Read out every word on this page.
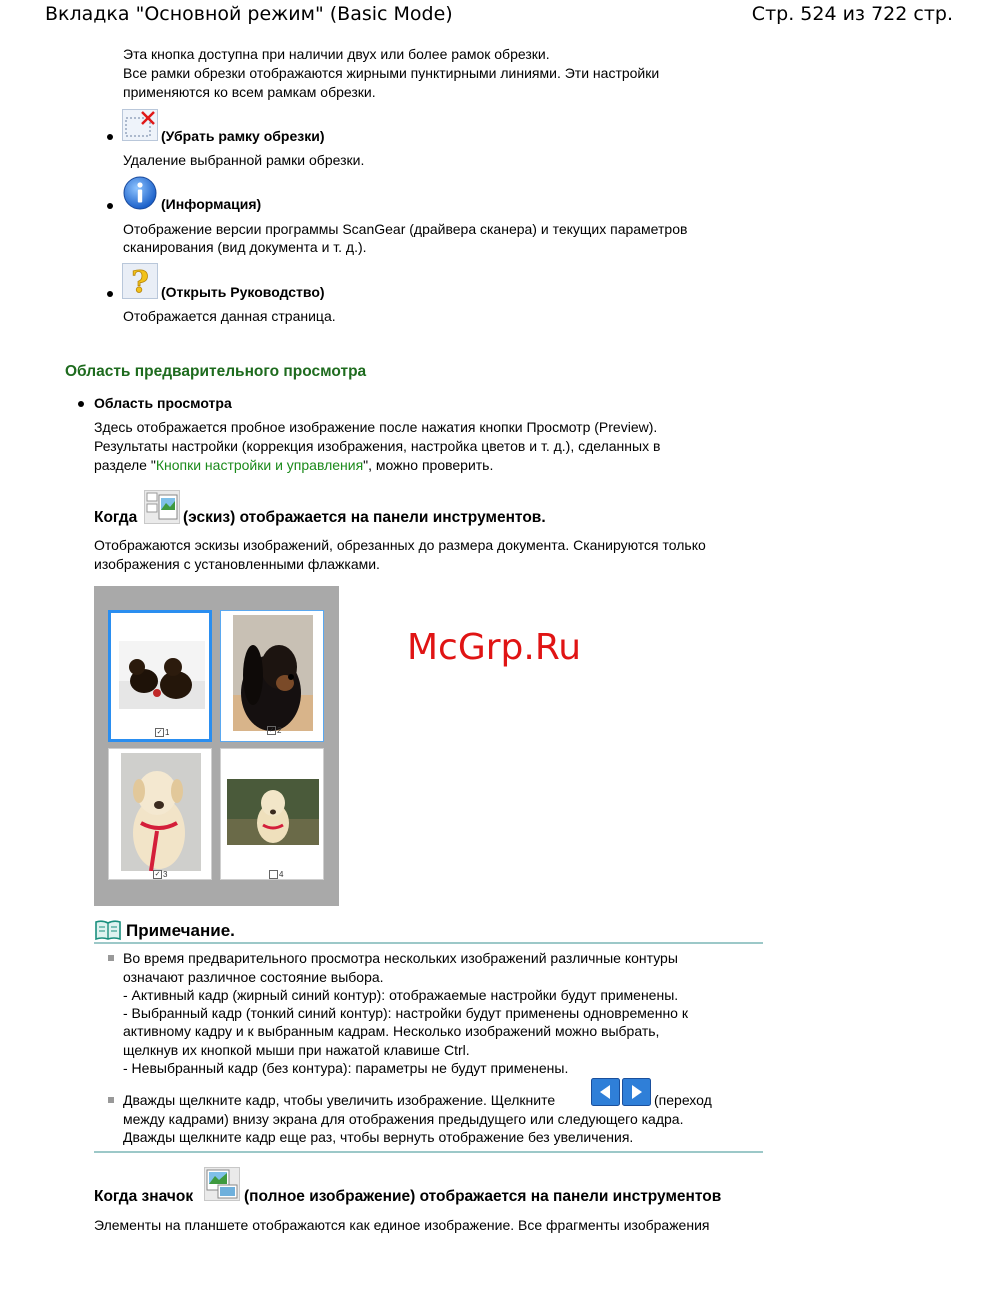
Вкладка "Основной режим" (Basic Mode)	Стр. 524 из 722 стр.
Эта кнопка доступна при наличии двух или более рамок обрезки.
Все рамки обрезки отображаются жирными пунктирными линиями. Эти настройки
применяются ко всем рамкам обрезки.
(Убрать рамку обрезки)
Удаление выбранной рамки обрезки.
(Информация)
Отображение версии программы ScanGear (драйвера сканера) и текущих параметров
сканирования (вид документа и т. д.).
? (Открыть Руководство)
Отображается данная страница.
Область предварительного просмотра
Область просмотра
Здесь отображается пробное изображение после нажатия кнопки Просмотр (Preview).
Результаты настройки (коррекция изображения, настройка цветов и т. д.), сделанных в
разделе "Кнопки настройки и управления", можно проверить.
Когда	(эскиз) отображается на панели инструментов.
Отображаются эскизы изображений, обрезанных до размера документа. Сканируются только
изображения с установленными флажками.
✓ 1	✓ 2
✓ 3	4
McGrp.Ru
Примечание.
Во время предварительного просмотра нескольких изображений различные контуры
означают различное состояние выбора.
- Активный кадр (жирный синий контур): отображаемые настройки будут применены.
- Выбранный кадр (тонкий синий контур): настройки будут применены одновременно к
активному кадру и к выбранным кадрам. Несколько изображений можно выбрать,
щелкнув их кнопкой мыши при нажатой клавише Ctrl.
- Невыбранный кадр (без контура): параметры не будут применены.
Дважды щелкните кадр, чтобы увеличить изображение. Щелкните	(переход
между кадрами) внизу экрана для отображения предыдущего или следующего кадра.
Дважды щелкните кадр еще раз, чтобы вернуть отображение без увеличения.
Когда значок	(полное изображение) отображается на панели инструментов
Элементы на планшете отображаются как единое изображение. Все фрагменты изображения
